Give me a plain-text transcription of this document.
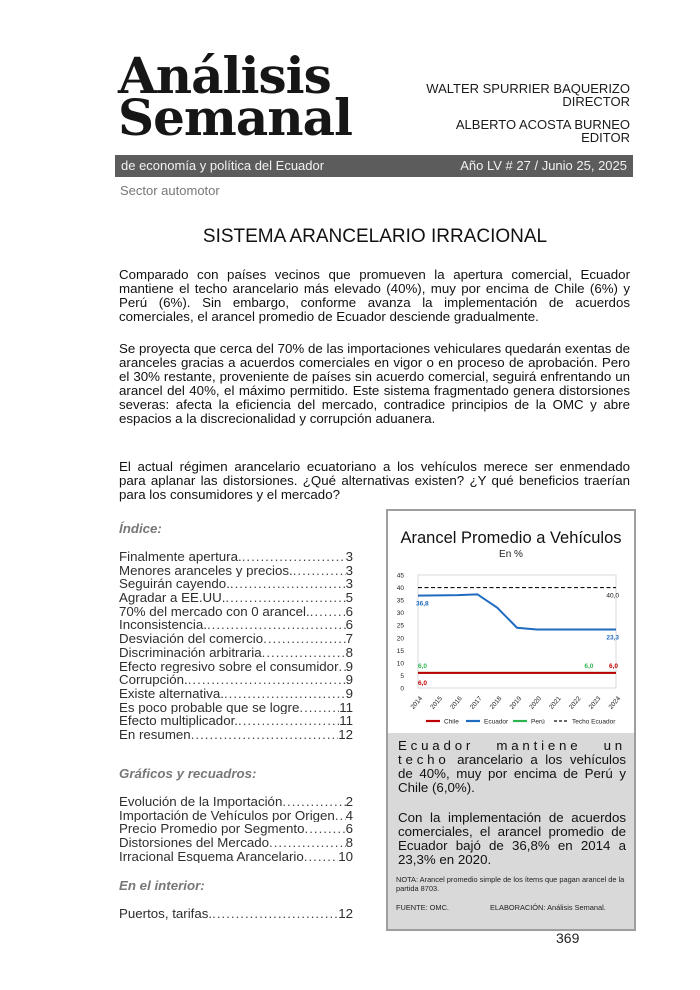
Análisis
Semanal	WALTER SPURRIER BAQUERIZO
DIRECTOR
ALBERTO ACOSTA BURNEO
EDITOR
de economía y política del Ecuador	Año LV # 27 / Junio 25, 2025
Sector automotor
SISTEMA ARANCELARIO IRRACIONAL
Comparado con países vecinos que promueven la apertura comercial, Ecuador mantiene el techo arancelario más elevado (40%), muy por encima de Chile (6%) y Perú (6%). Sin embargo, conforme avanza la implementación de acuerdos comerciales, el arancel promedio de Ecuador desciende gradualmente.
Se proyecta que cerca del 70% de las importaciones vehiculares quedarán exentas de aranceles gracias a acuerdos comerciales en vigor o en proceso de aprobación. Pero el 30% restante, proveniente de países sin acuerdo comercial, seguirá enfrentando un arancel del 40%, el máximo permitido. Este sistema fragmentado genera distorsiones severas: afecta la eficiencia del mercado, contradice principios de la OMC y abre espacios a la discrecionalidad y corrupción aduanera.
El actual régimen arancelario ecuatoriano a los vehículos merece ser enmendado para aplanar las distorsiones. ¿Qué alternativas existen? ¿Y qué beneficios traerían para los consumidores y el mercado?
Índice:
Finalmente apertura. .....	3
Menores aranceles y precios. .....	3
Seguirán cayendo. .....	3
Agradar a EE.UU. .....	5
70% del mercado con 0 arancel. .....	6
Inconsistencia. .....	6
Desviación del comercio .....	7
Discriminación arbitraria .....	8
Efecto regresivo sobre el consumidor ..... 9
Corrupción. .....	9
Existe alternativa. .....	9
Es poco probable que se logre .....	11
Efecto multiplicador. .....	11
En resumen .....	12
Gráficos y recuadros:
Evolución de la Importación .....	2
Importación de Vehículos por Origen ..... 4
Precio Promedio por Segmento .....	6
Distorsiones del Mercado .....	8
Irracional Esquema Arancelario .....	10
En el interior:
Puertos, tarifas. .....	12
Arancel Promedio a Vehículos
En %
0
5
10
15
20
25
30
35
40
45
2014 2015 2016 2017 2018 2019 2020 2021 2022 2023 2024
36,8
23,3
40,0
6,0	6,0
6,0
6,0
Chile	Ecuador	Perú	Techo Ecuador
Ecuador mantiene un techo arancelario a los vehículos de 40%, muy por encima de Perú y Chile (6,0%).
Con la implementación de acuerdos comerciales, el arancel promedio de Ecuador bajó de 36,8% en 2014 a 23,3% en 2020.
NOTA: Arancel promedio simple de los ítems que pagan arancel de la partida 8703.
FUENTE: OMC.	ELABORACIÓN: Análisis Semanal.
369
